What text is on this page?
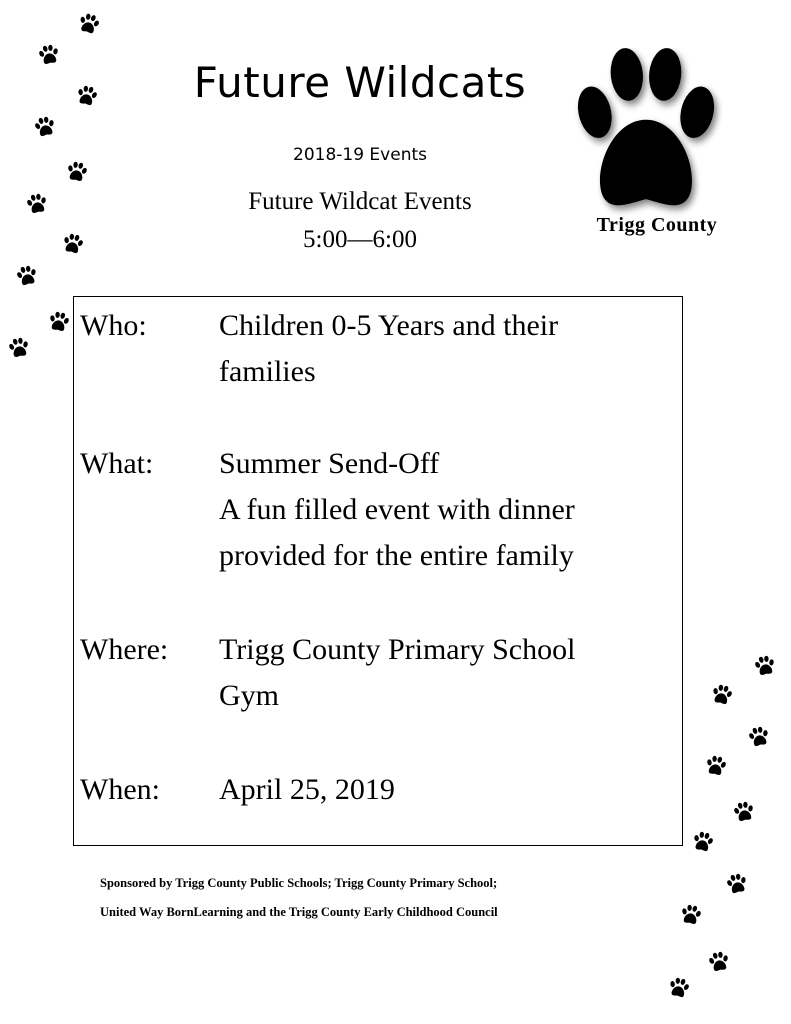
Future Wildcats
2018-19 Events
Future Wildcat Events
5:00—6:00
Trigg County
Who:	Children 0-5 Years and their
families
What:	Summer Send-Off
A fun filled event with dinner
provided for the entire family
Where:	Trigg County Primary School
Gym
When:	April 25, 2019
Sponsored by Trigg County Public Schools; Trigg County Primary School;
United Way BornLearning and the Trigg County Early Childhood Council
